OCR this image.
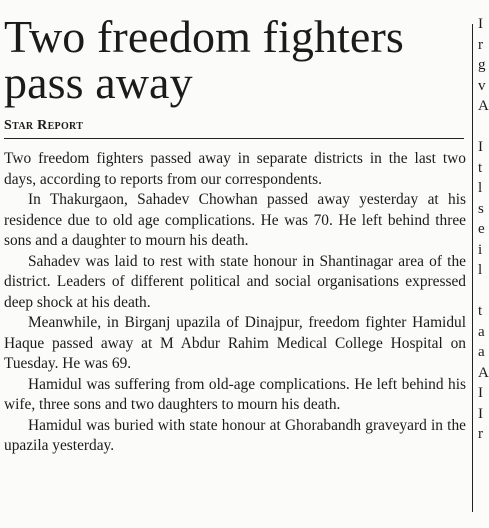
Two freedom fighters pass away
Star Report

Two freedom fighters passed away in separate districts in the last two days, according to reports from our correspondents.

In Thakurgaon, Sahadev Chowhan passed away yesterday at his residence due to old age complications. He was 70. He left behind three sons and a daughter to mourn his death.

Sahadev was laid to rest with state honour in Shantinagar area of the district. Leaders of different political and social organisations expressed deep shock at his death.

Meanwhile, in Birganj upazila of Dinajpur, freedom fighter Hamidul Haque passed away at M Abdur Rahim Medical College Hospital on Tuesday. He was 69.

Hamidul was suffering from old-age complications. He left behind his wife, three sons and two daughters to mourn his death.

Hamidul was buried with state honour at Ghorabandh graveyard in the upazila yesterday.

I
r
g
v
A
I
t
l
s
e
i
l
t
a
a
A
I
I
r
